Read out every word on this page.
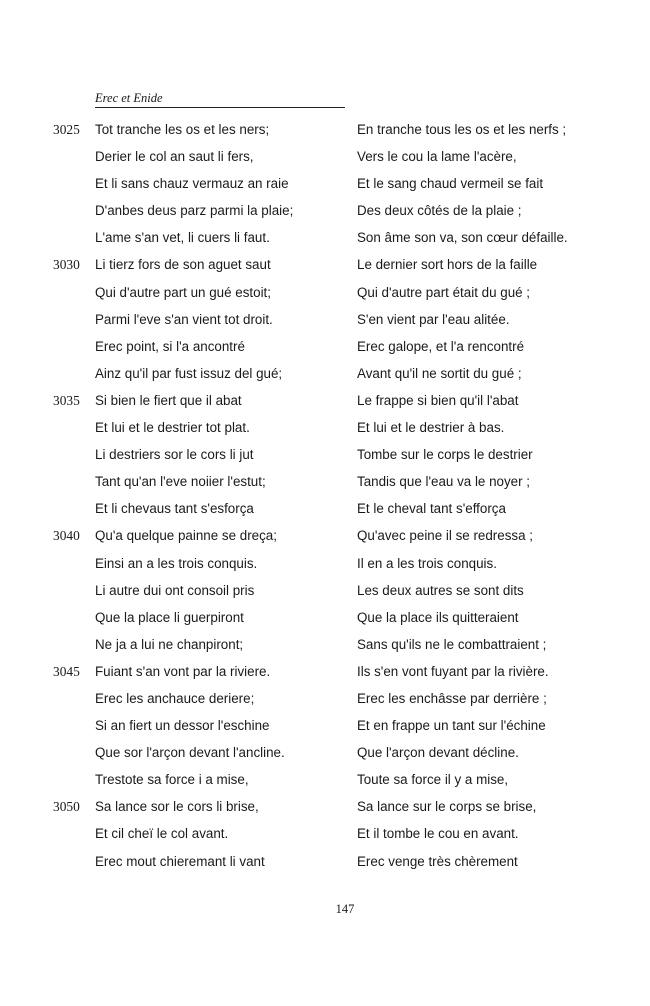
Erec et Enide
3025 Tot tranche les os et les ners;	En tranche tous les os et les nerfs ;
Derier le col an saut li fers,	Vers le cou la lame l'acère,
Et li sans chauz vermauz an raie	Et le sang chaud vermeil se fait
D'anbes deus parz parmi la plaie;	Des deux côtés de la plaie ;
L'ame s'an vet, li cuers li faut.	Son âme son va, son cœur défaille.
3030 Li tierz fors de son aguet saut	Le dernier sort hors de la faille
Qui d'autre part un gué estoit;	Qui d'autre part était du gué ;
Parmi l'eve s'an vient tot droit.	S'en vient par l'eau alitée.
Erec point, si l'a ancontré	Erec galope, et l'a rencontré
Ainz qu'il par fust issuz del gué;	Avant qu'il ne sortit du gué ;
3035 Si bien le fiert que il abat	Le frappe si bien qu'il l'abat
Et lui et le destrier tot plat.	Et lui et le destrier à bas.
Li destriers sor le cors li jut	Tombe sur le corps le destrier
Tant qu'an l'eve noiier l'estut;	Tandis que l'eau va le noyer ;
Et li chevaus tant s'esforça	Et le cheval tant s'efforça
3040 Qu'a quelque painne se dreça;	Qu'avec peine il se redressa ;
Einsi an a les trois conquis.	Il en a les trois conquis.
Li autre dui ont consoil pris	Les deux autres se sont dits
Que la place li guerpiront	Que la place ils quitteraient
Ne ja a lui ne chanpiront;	Sans qu'ils ne le combattraient ;
3045 Fuiant s'an vont par la riviere.	Ils s'en vont fuyant par la rivière.
Erec les anchauce deriere;	Erec les enchâsse par derrière ;
Si an fiert un dessor l'eschine	Et en frappe un tant sur l'échine
Que sor l'arçon devant l'ancline.	Que l'arçon devant décline.
Trestote sa force i a mise,	Toute sa force il y a mise,
3050 Sa lance sor le cors li brise,	Sa lance sur le corps se brise,
Et cil cheï le col avant.	Et il tombe le cou en avant.
Erec mout chieremant li vant	Erec venge très chèrement
147
